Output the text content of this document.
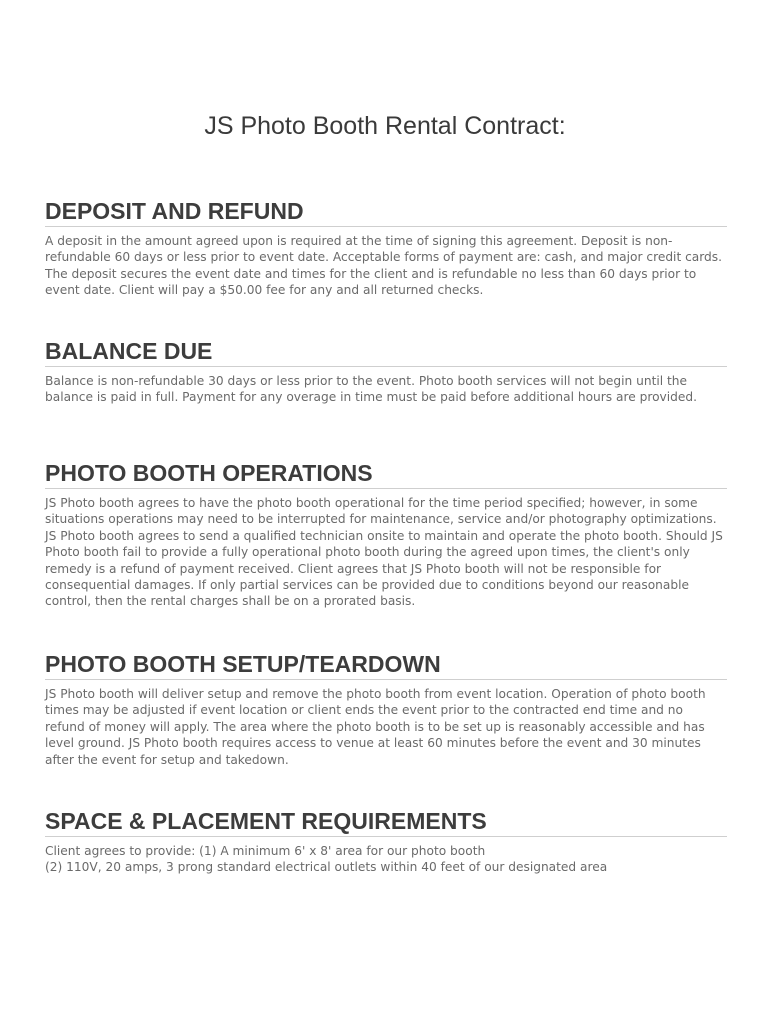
JS Photo Booth Rental Contract:
DEPOSIT AND REFUND

A deposit in the amount agreed upon is required at the time of signing this agreement. Deposit is non-refundable 60 days or less prior to event date. Acceptable forms of payment are: cash, and major credit cards. The deposit secures the event date and times for the client and is refundable no less than 60 days prior to event date. Client will pay a $50.00 fee for any and all returned checks.

BALANCE DUE

Balance is non-refundable 30 days or less prior to the event. Photo booth services will not begin until the balance is paid in full. Payment for any overage in time must be paid before additional hours are provided.

PHOTO BOOTH OPERATIONS

JS Photo booth agrees to have the photo booth operational for the time period specified; however, in some situations operations may need to be interrupted for maintenance, service and/or photography optimizations. JS Photo booth agrees to send a qualified technician onsite to maintain and operate the photo booth. Should JS Photo booth fail to provide a fully operational photo booth during the agreed upon times, the client's only remedy is a refund of payment received. Client agrees that JS Photo booth will not be responsible for consequential damages. If only partial services can be provided due to conditions beyond our reasonable control, then the rental charges shall be on a prorated basis.

PHOTO BOOTH SETUP/TEARDOWN

JS Photo booth will deliver setup and remove the photo booth from event location. Operation of photo booth times may be adjusted if event location or client ends the event prior to the contracted end time and no refund of money will apply. The area where the photo booth is to be set up is reasonably accessible and has level ground. JS Photo booth requires access to venue at least 60 minutes before the event and 30 minutes after the event for setup and takedown.

SPACE & PLACEMENT REQUIREMENTS

Client agrees to provide: (1) A minimum 6' x 8' area for our photo booth
(2) 110V, 20 amps, 3 prong standard electrical outlets within 40 feet of our designated area
